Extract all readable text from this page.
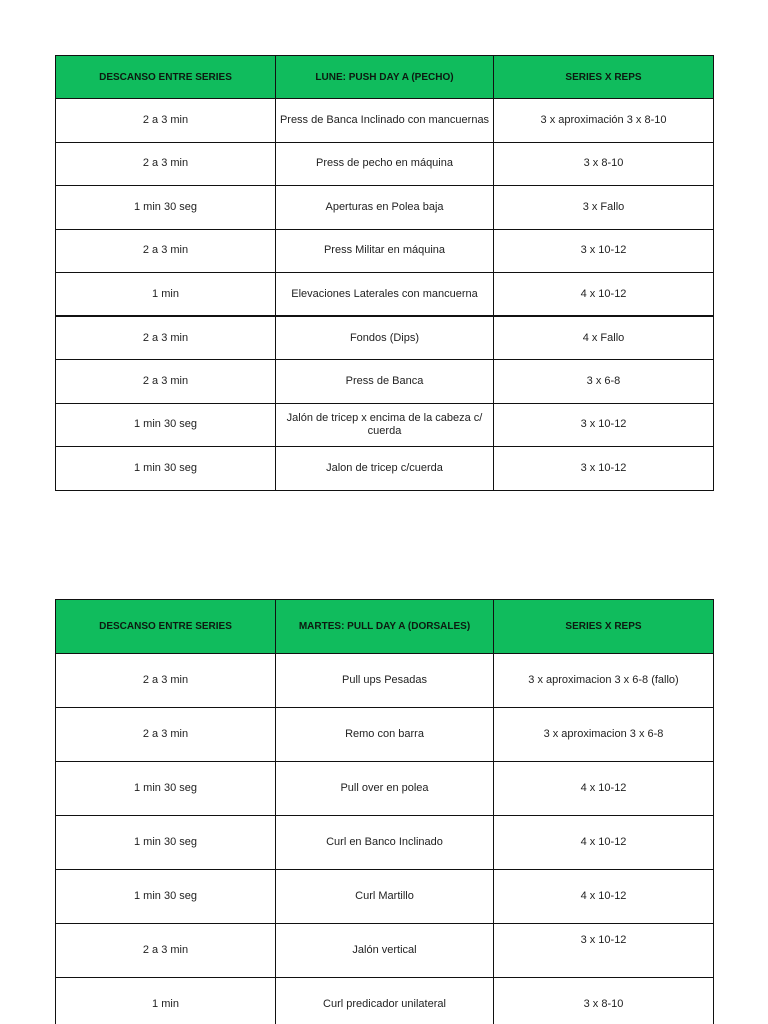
DESCANSO ENTRE SERIES	LUNE: PUSH DAY A (PECHO)	SERIES X REPS
2 a 3 min	Press de Banca Inclinado con mancuernas	3 x aproximación 3 x 8-10
2 a 3 min	Press de pecho en máquina	3 x 8-10
1 min 30 seg	Aperturas en Polea baja	3 x Fallo
2 a 3 min	Press Militar en máquina	3 x 10-12
1 min	Elevaciones Laterales con mancuerna	4 x 10-12
2 a 3 min	Fondos (Dips)	4 x Fallo
2 a 3 min	Press de Banca	3 x 6-8
1 min 30 seg	Jalón de tricep x encima de la cabeza c/ cuerda	3 x 10-12
1 min 30 seg	Jalon de tricep c/cuerda	3 x 10-12
DESCANSO ENTRE SERIES	MARTES: PULL DAY A (DORSALES)	SERIES X REPS
2 a 3 min	Pull ups Pesadas	3 x aproximacion 3 x 6-8 (fallo)
2 a 3 min	Remo con barra	3 x aproximacion 3 x 6-8
1 min 30 seg	Pull over en polea	4 x 10-12
1 min 30 seg	Curl en Banco Inclinado	4 x 10-12
1 min 30 seg	Curl Martillo	4 x 10-12
2 a 3 min	Jalón vertical	3 x 10-12
1 min	Curl predicador unilateral	3 x 8-10
